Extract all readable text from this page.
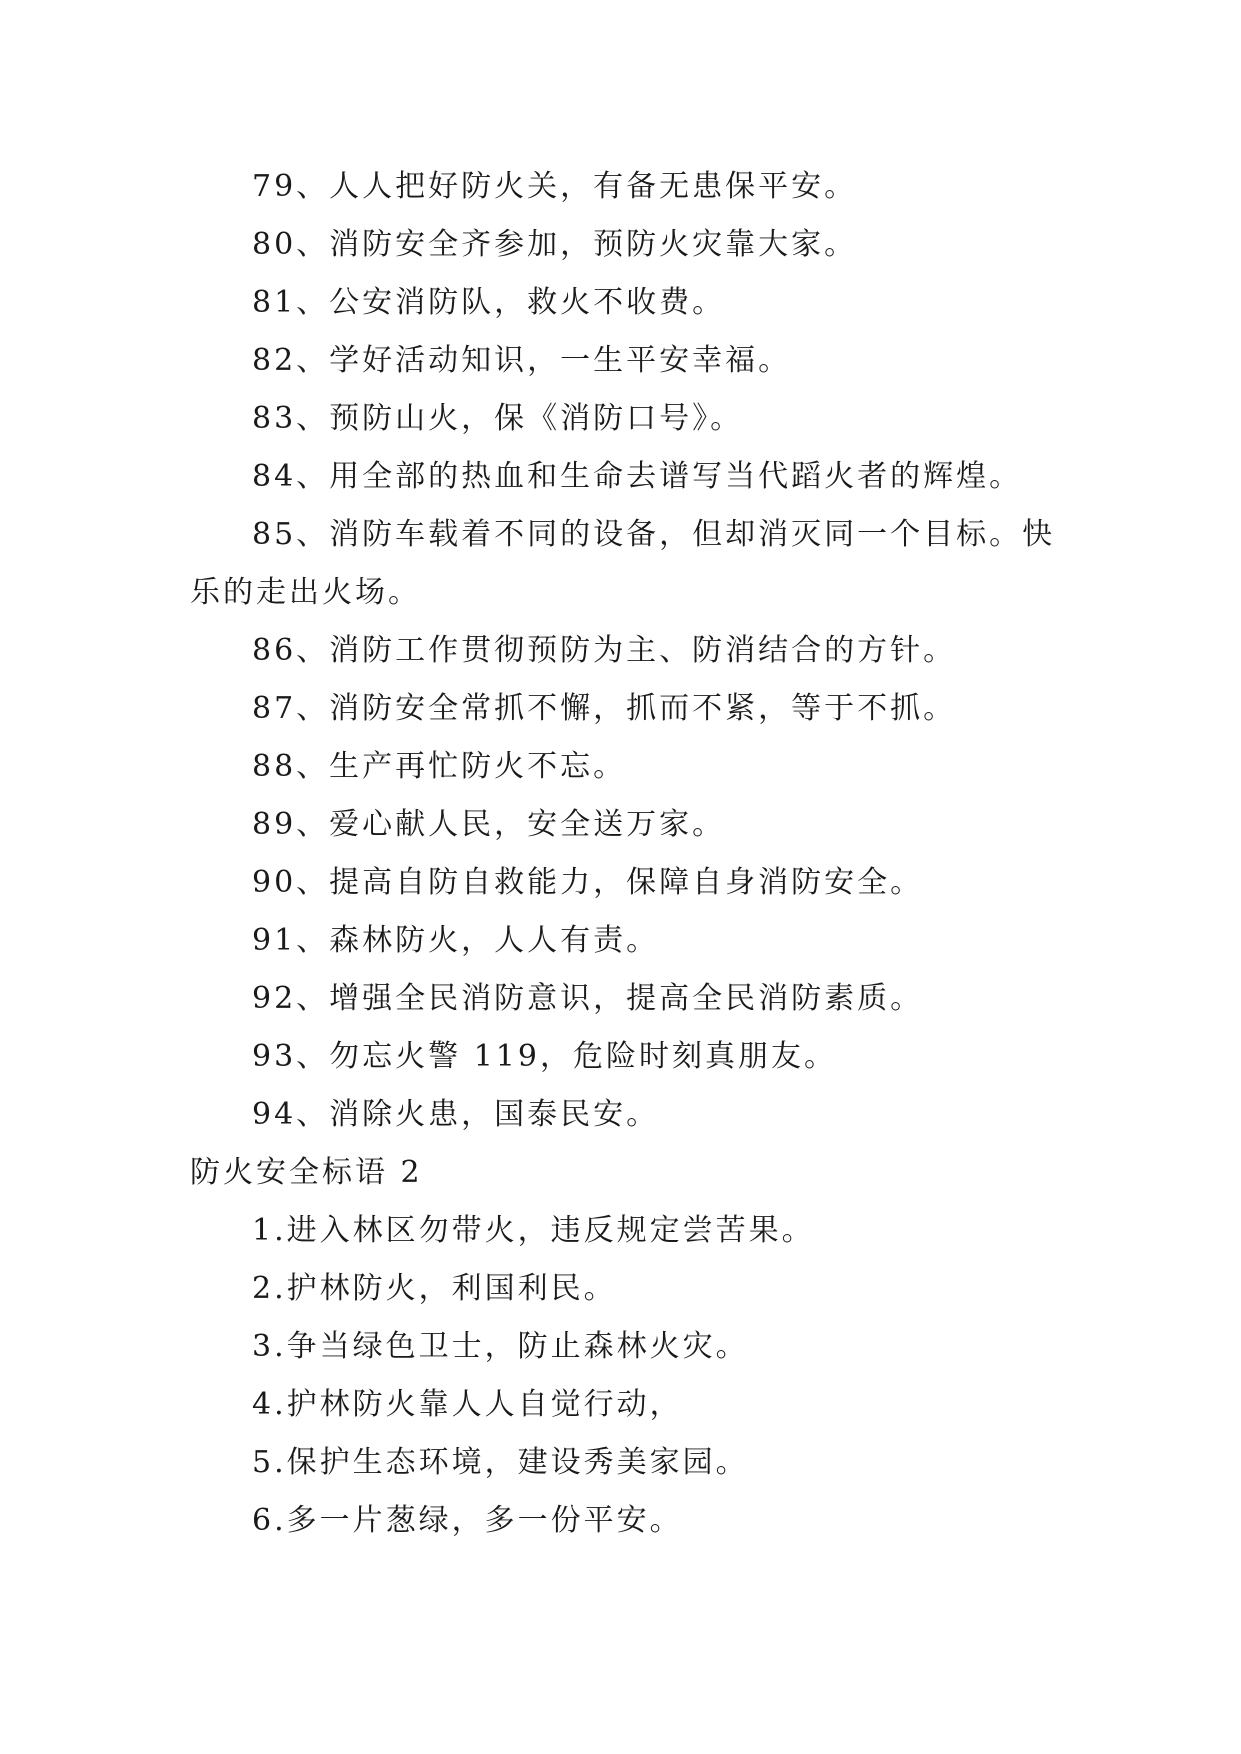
79、人人把好防火关，有备无患保平安。
80、消防安全齐参加，预防火灾靠大家。
81、公安消防队，救火不收费。
82、学好活动知识，一生平安幸福。
83、预防山火，保《消防口号》。
84、用全部的热血和生命去谱写当代蹈火者的辉煌。
85、消防车载着不同的设备，但却消灭同一个目标。快乐的走出火场。
86、消防工作贯彻预防为主、防消结合的方针。
87、消防安全常抓不懈，抓而不紧，等于不抓。
88、生产再忙防火不忘。
89、爱心献人民，安全送万家。
90、提高自防自救能力，保障自身消防安全。
91、森林防火，人人有责。
92、增强全民消防意识，提高全民消防素质。
93、勿忘火警 119，危险时刻真朋友。
94、消除火患，国泰民安。
防火安全标语 2
1.进入林区勿带火，违反规定尝苦果。
2.护林防火，利国利民。
3.争当绿色卫士，防止森林火灾。
4.护林防火靠人人自觉行动，
5.保护生态环境，建设秀美家园。
6.多一片葱绿，多一份平安。
